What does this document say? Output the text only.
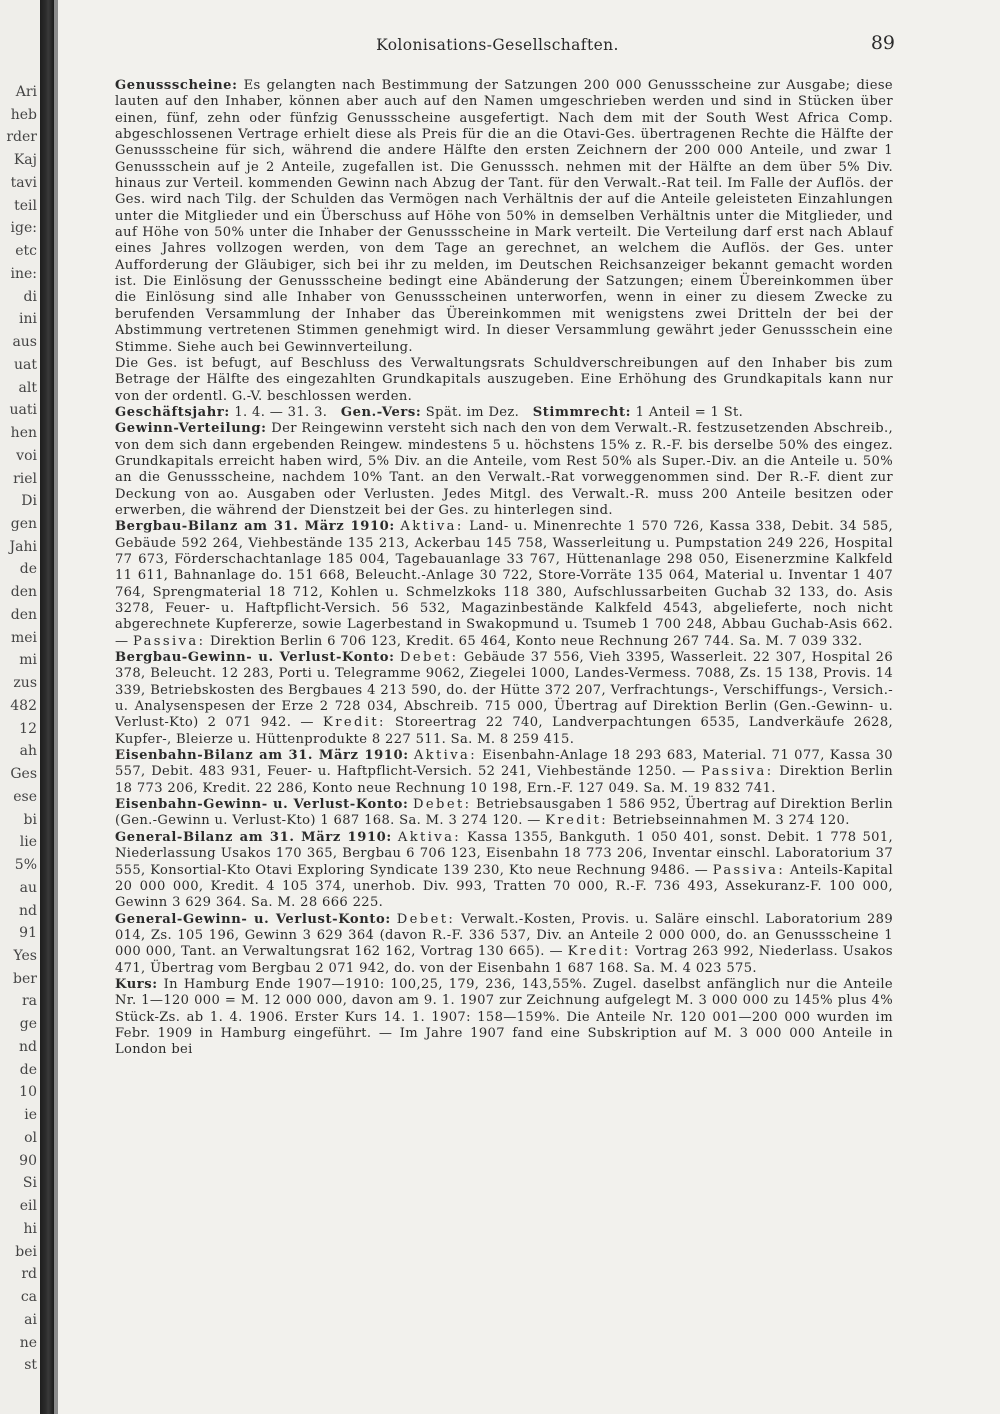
Ari
heb
rder
Kaj
tavi
teil
ige:
etc
ine:
di
ini
aus
uat
alt
uati
hen
voi
riel
Di
gen
Jahi
de
den
den
mei
mi
zus
482
12
ah
Ges
ese
bi
lie
5%
au
nd
91
Yes
ber
ra
ge
nd
de
10
ie
ol
90
Si
eil
hi
bei
rd
ca
ai
ne
st
Kolonisations-Gesellschaften.	89

Genussscheine: Es gelangten nach Bestimmung der Satzungen 200 000 Genussscheine zur Ausgabe; diese lauten auf den Inhaber, können aber auch auf den Namen umgeschrieben werden und sind in Stücken über einen, fünf, zehn oder fünfzig Genussscheine ausgefertigt. Nach dem mit der South West Africa Comp. abgeschlossenen Vertrage erhielt diese als Preis für die an die Otavi-Ges. übertragenen Rechte die Hälfte der Genussscheine für sich, während die andere Hälfte den ersten Zeichnern der 200 000 Anteile, und zwar 1 Genussschein auf je 2 Anteile, zugefallen ist. Die Genusssch. nehmen mit der Hälfte an dem über 5% Div. hinaus zur Verteil. kommenden Gewinn nach Abzug der Tant. für den Verwalt.-Rat teil. Im Falle der Auflös. der Ges. wird nach Tilg. der Schulden das Vermögen nach Verhältnis der auf die Anteile geleisteten Einzahlungen unter die Mitglieder und ein Überschuss auf Höhe von 50% in demselben Verhältnis unter die Mitglieder, und auf Höhe von 50% unter die Inhaber der Genussscheine in Mark verteilt. Die Verteilung darf erst nach Ablauf eines Jahres vollzogen werden, von dem Tage an gerechnet, an welchem die Auflös. der Ges. unter Aufforderung der Gläubiger, sich bei ihr zu melden, im Deutschen Reichsanzeiger bekannt gemacht worden ist. Die Einlösung der Genussscheine bedingt eine Abänderung der Satzungen; einem Übereinkommen über die Einlösung sind alle Inhaber von Genussscheinen unterworfen, wenn in einer zu diesem Zwecke zu berufenden Versammlung der Inhaber das Übereinkommen mit wenigstens zwei Dritteln der bei der Abstimmung vertretenen Stimmen genehmigt wird. In dieser Versammlung gewährt jeder Genussschein eine Stimme. Siehe auch bei Gewinnverteilung.

Die Ges. ist befugt, auf Beschluss des Verwaltungsrats Schuldverschreibungen auf den Inhaber bis zum Betrage der Hälfte des eingezahlten Grundkapitals auszugeben. Eine Erhöhung des Grundkapitals kann nur von der ordentl. G.-V. beschlossen werden.

Geschäftsjahr: 1. 4. — 31. 3. Gen.-Vers: Spät. im Dez. Stimmrecht: 1 Anteil = 1 St.

Gewinn-Verteilung: Der Reingewinn versteht sich nach den von dem Verwalt.-R. festzusetzenden Abschreib., von dem sich dann ergebenden Reingew. mindestens 5 u. höchstens 15% z. R.-F. bis derselbe 50% des eingez. Grundkapitals erreicht haben wird, 5% Div. an die Anteile, vom Rest 50% als Super.-Div. an die Anteile u. 50% an die Genussscheine, nachdem 10% Tant. an den Verwalt.-Rat vorweggenommen sind. Der R.-F. dient zur Deckung von ao. Ausgaben oder Verlusten. Jedes Mitgl. des Verwalt.-R. muss 200 Anteile besitzen oder erwerben, die während der Dienstzeit bei der Ges. zu hinterlegen sind.

Bergbau-Bilanz am 31. März 1910: Aktiva: Land- u. Minenrechte 1 570 726, Kassa 338, Debit. 34 585, Gebäude 592 264, Viehbestände 135 213, Ackerbau 145 758, Wasserleitung u. Pumpstation 249 226, Hospital 77 673, Förderschachtanlage 185 004, Tagebauanlage 33 767, Hüttenanlage 298 050, Eisenerzmine Kalkfeld 11 611, Bahnanlage do. 151 668, Beleucht.-Anlage 30 722, Store-Vorräte 135 064, Material u. Inventar 1 407 764, Sprengmaterial 18 712, Kohlen u. Schmelzkoks 118 380, Aufschlussarbeiten Guchab 32 133, do. Asis 3278, Feuer- u. Haftpflicht-Versich. 56 532, Magazinbestände Kalkfeld 4543, abgelieferte, noch nicht abgerechnete Kupfererze, sowie Lagerbestand in Swakopmund u. Tsumeb 1 700 248, Abbau Guchab-Asis 662. — Passiva: Direktion Berlin 6 706 123, Kredit. 65 464, Konto neue Rechnung 267 744. Sa. M. 7 039 332.

Bergbau-Gewinn- u. Verlust-Konto: Debet: Gebäude 37 556, Vieh 3395, Wasserleit. 22 307, Hospital 26 378, Beleucht. 12 283, Porti u. Telegramme 9062, Ziegelei 1000, Landes-Vermess. 7088, Zs. 15 138, Provis. 14 339, Betriebskosten des Bergbaues 4 213 590, do. der Hütte 372 207, Verfrachtungs-, Verschiffungs-, Versich.- u. Analysenspesen der Erze 2 728 034, Abschreib. 715 000, Übertrag auf Direktion Berlin (Gen.-Gewinn- u. Verlust-Kto) 2 071 942. — Kredit: Storeertrag 22 740, Landverpachtungen 6535, Landverkäufe 2628, Kupfer-, Bleierze u. Hüttenprodukte 8 227 511. Sa. M. 8 259 415.

Eisenbahn-Bilanz am 31. März 1910: Aktiva: Eisenbahn-Anlage 18 293 683, Material. 71 077, Kassa 30 557, Debit. 483 931, Feuer- u. Haftpflicht-Versich. 52 241, Viehbestände 1250. — Passiva: Direktion Berlin 18 773 206, Kredit. 22 286, Konto neue Rechnung 10 198, Ern.-F. 127 049. Sa. M. 19 832 741.

Eisenbahn-Gewinn- u. Verlust-Konto: Debet: Betriebsausgaben 1 586 952, Übertrag auf Direktion Berlin (Gen.-Gewinn u. Verlust-Kto) 1 687 168. Sa. M. 3 274 120. — Kredit: Betriebseinnahmen M. 3 274 120.

General-Bilanz am 31. März 1910: Aktiva: Kassa 1355, Bankguth. 1 050 401, sonst. Debit. 1 778 501, Niederlassung Usakos 170 365, Bergbau 6 706 123, Eisenbahn 18 773 206, Inventar einschl. Laboratorium 37 555, Konsortial-Kto Otavi Exploring Syndicate 139 230, Kto neue Rechnung 9486. — Passiva: Anteils-Kapital 20 000 000, Kredit. 4 105 374, unerhob. Div. 993, Tratten 70 000, R.-F. 736 493, Assekuranz-F. 100 000, Gewinn 3 629 364. Sa. M. 28 666 225.

General-Gewinn- u. Verlust-Konto: Debet: Verwalt.-Kosten, Provis. u. Saläre einschl. Laboratorium 289 014, Zs. 105 196, Gewinn 3 629 364 (davon R.-F. 336 537, Div. an Anteile 2 000 000, do. an Genussscheine 1 000 000, Tant. an Verwaltungsrat 162 162, Vortrag 130 665). — Kredit: Vortrag 263 992, Niederlass. Usakos 471, Übertrag vom Bergbau 2 071 942, do. von der Eisenbahn 1 687 168. Sa. M. 4 023 575.

Kurs: In Hamburg Ende 1907—1910: 100,25, 179, 236, 143,55%. Zugel. daselbst anfänglich nur die Anteile Nr. 1—120 000 = M. 12 000 000, davon am 9. 1. 1907 zur Zeichnung aufgelegt M. 3 000 000 zu 145% plus 4% Stück-Zs. ab 1. 4. 1906. Erster Kurs 14. 1. 1907: 158—159%. Die Anteile Nr. 120 001—200 000 wurden im Febr. 1909 in Hamburg eingeführt. — Im Jahre 1907 fand eine Subskription auf M. 3 000 000 Anteile in London bei
